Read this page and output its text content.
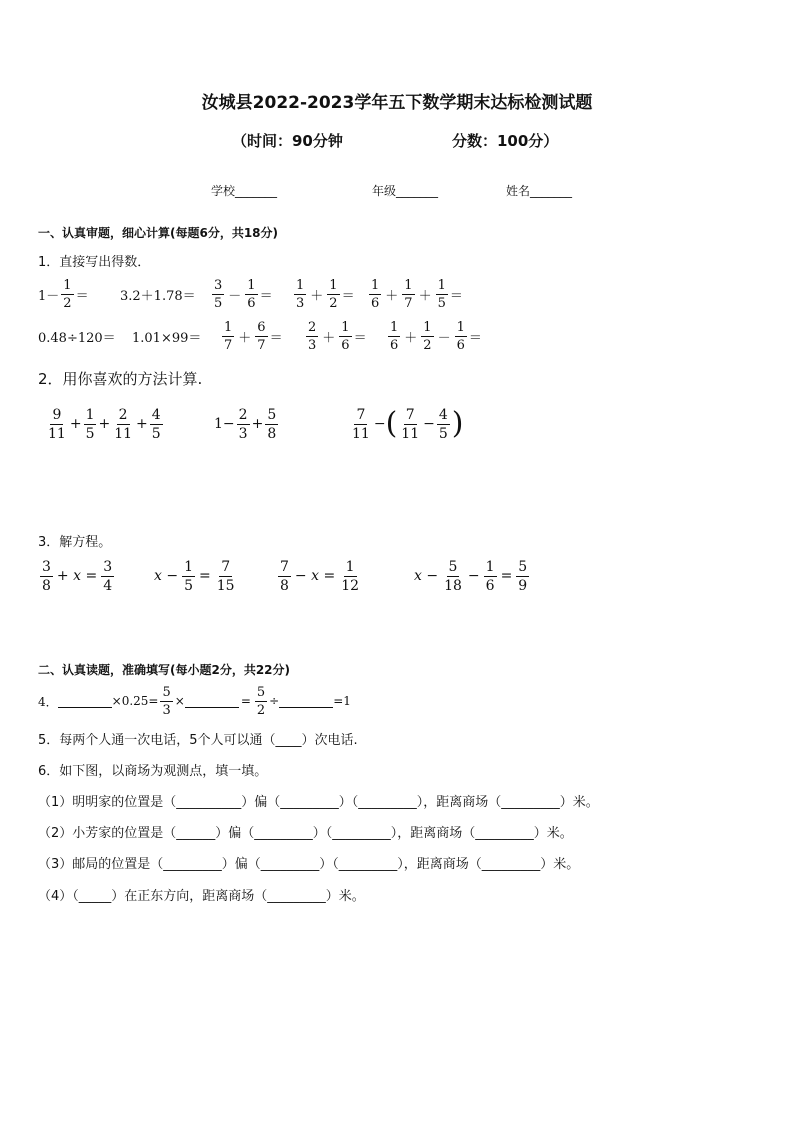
汝城县2022-2023学年五下数学期末达标检测试题
（时间：90分钟	分数：100分）
学校_______	年级_______	姓名_______
一、认真审题，细心计算(每题6分，共18分)
1．直接写出得数．
$1- \frac{1}{2} = 3.2+1.78= \frac{3}{5} - \frac{1}{6} = \frac{1}{3} + \frac{1}{2} = \frac{1}{6} + \frac{1}{7} + \frac{1}{5}$ ＝
$0.48\div 120= 1.01\times 99= \frac{1}{7} + \frac{6}{7} = \frac{2}{3} + \frac{1}{6} = \frac{1}{6} + \frac{1}{2} - \frac{1}{6}$ ＝
2．用你喜欢的方法计算.
$\frac{9}{11} + \frac{1}{5} + \frac{2}{11} + \frac{4}{5}$	$1 - \frac{2}{3} + \frac{5}{8}$	$\frac{7}{11}$ − ( $\frac{7}{11} - \frac{4}{5}$ )
3．解方程。
$\frac{3}{8} + x = \frac{3}{4}$	$x - \frac{1}{5} = \frac{7}{15}$	$\frac{7}{8} - x = \frac{1}{12}$	$x - \frac{5}{18} - \frac{1}{6} = \frac{5}{9}$
二、认真读题，准确填写(每小题2分，共22分)
4．	$\times 0.25= \frac{5}{3}$ ×	= $\frac{5}{2}$ ÷	=1
5．每两个人通一次电话，5个人可以通（____）次电话.
6．如下图，以商场为观测点，填一填。
（1）明明家的位置是（__________）偏（_________）（_________），距离商场（_________）米。
（2）小芳家的位置是（______）偏（_________）（_________），距离商场（_________）米。
（3）邮局的位置是（_________）偏（_________）（_________），距离商场（_________）米。
（4）（_____）在正东方向，距离商场（_________）米。
